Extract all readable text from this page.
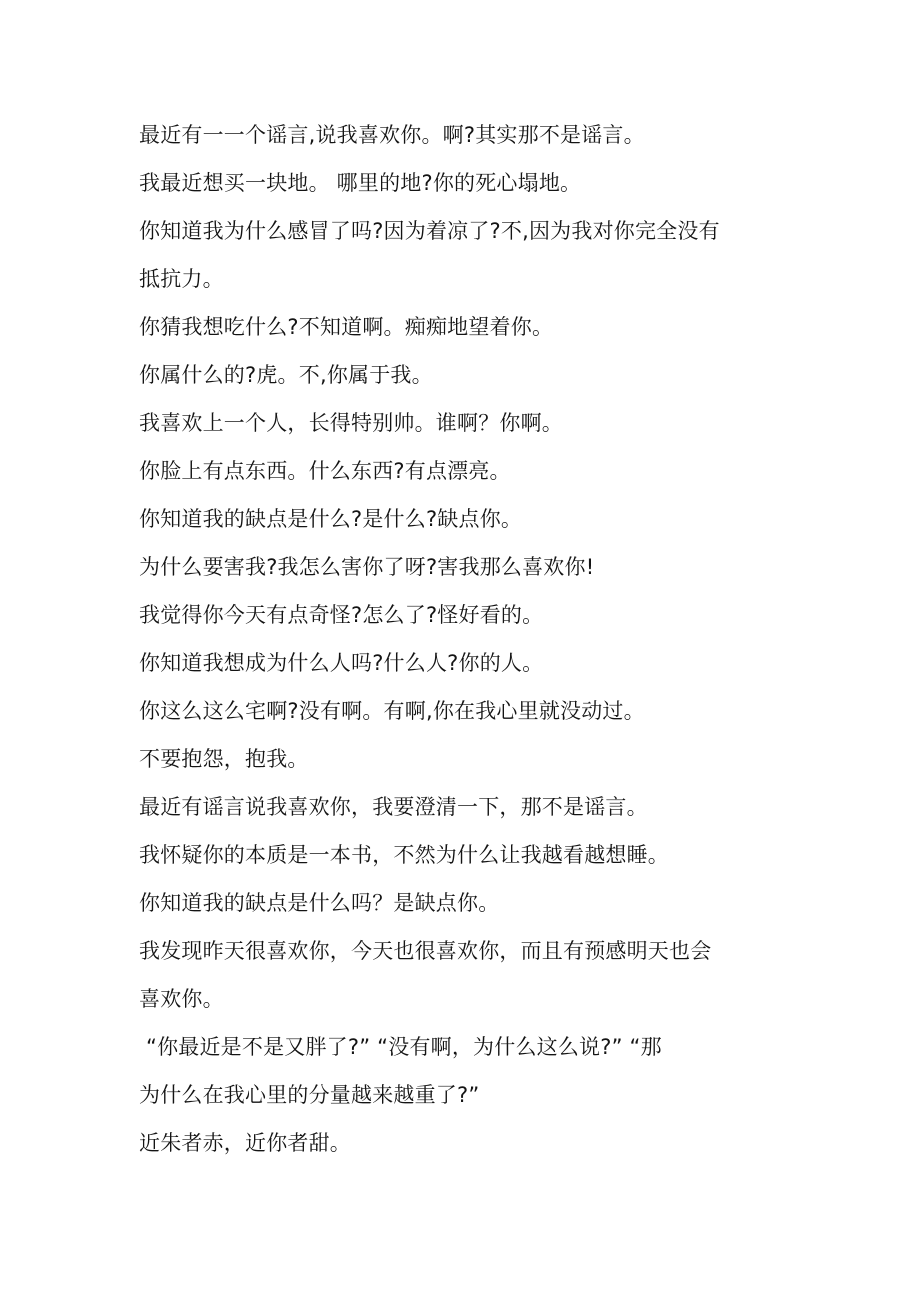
最近有一一个谣言,说我喜欢你。啊?其实那不是谣言。
我最近想买一块地。 哪里的地?你的死心塌地。
你知道我为什么感冒了吗?因为着凉了?不,因为我对你完全没有
抵抗力。
你猜我想吃什么?不知道啊。痴痴地望着你。
你属什么的?虎。不,你属于我。
我喜欢上一个人，长得特别帅。谁啊？你啊。
你脸上有点东西。什么东西?有点漂亮。
你知道我的缺点是什么?是什么?缺点你。
为什么要害我?我怎么害你了呀?害我那么喜欢你!
我觉得你今天有点奇怪?怎么了?怪好看的。
你知道我想成为什么人吗?什么人?你的人。
你这么这么宅啊?没有啊。有啊,你在我心里就没动过。
不要抱怨，抱我。
最近有谣言说我喜欢你，我要澄清一下，那不是谣言。
我怀疑你的本质是一本书，不然为什么让我越看越想睡。
你知道我的缺点是什么吗？是缺点你。
我发现昨天很喜欢你，今天也很喜欢你，而且有预感明天也会
喜欢你。
“你最近是不是又胖了?” “没有啊，为什么这么说?” “那
为什么在我心里的分量越来越重了?”
近朱者赤，近你者甜。
